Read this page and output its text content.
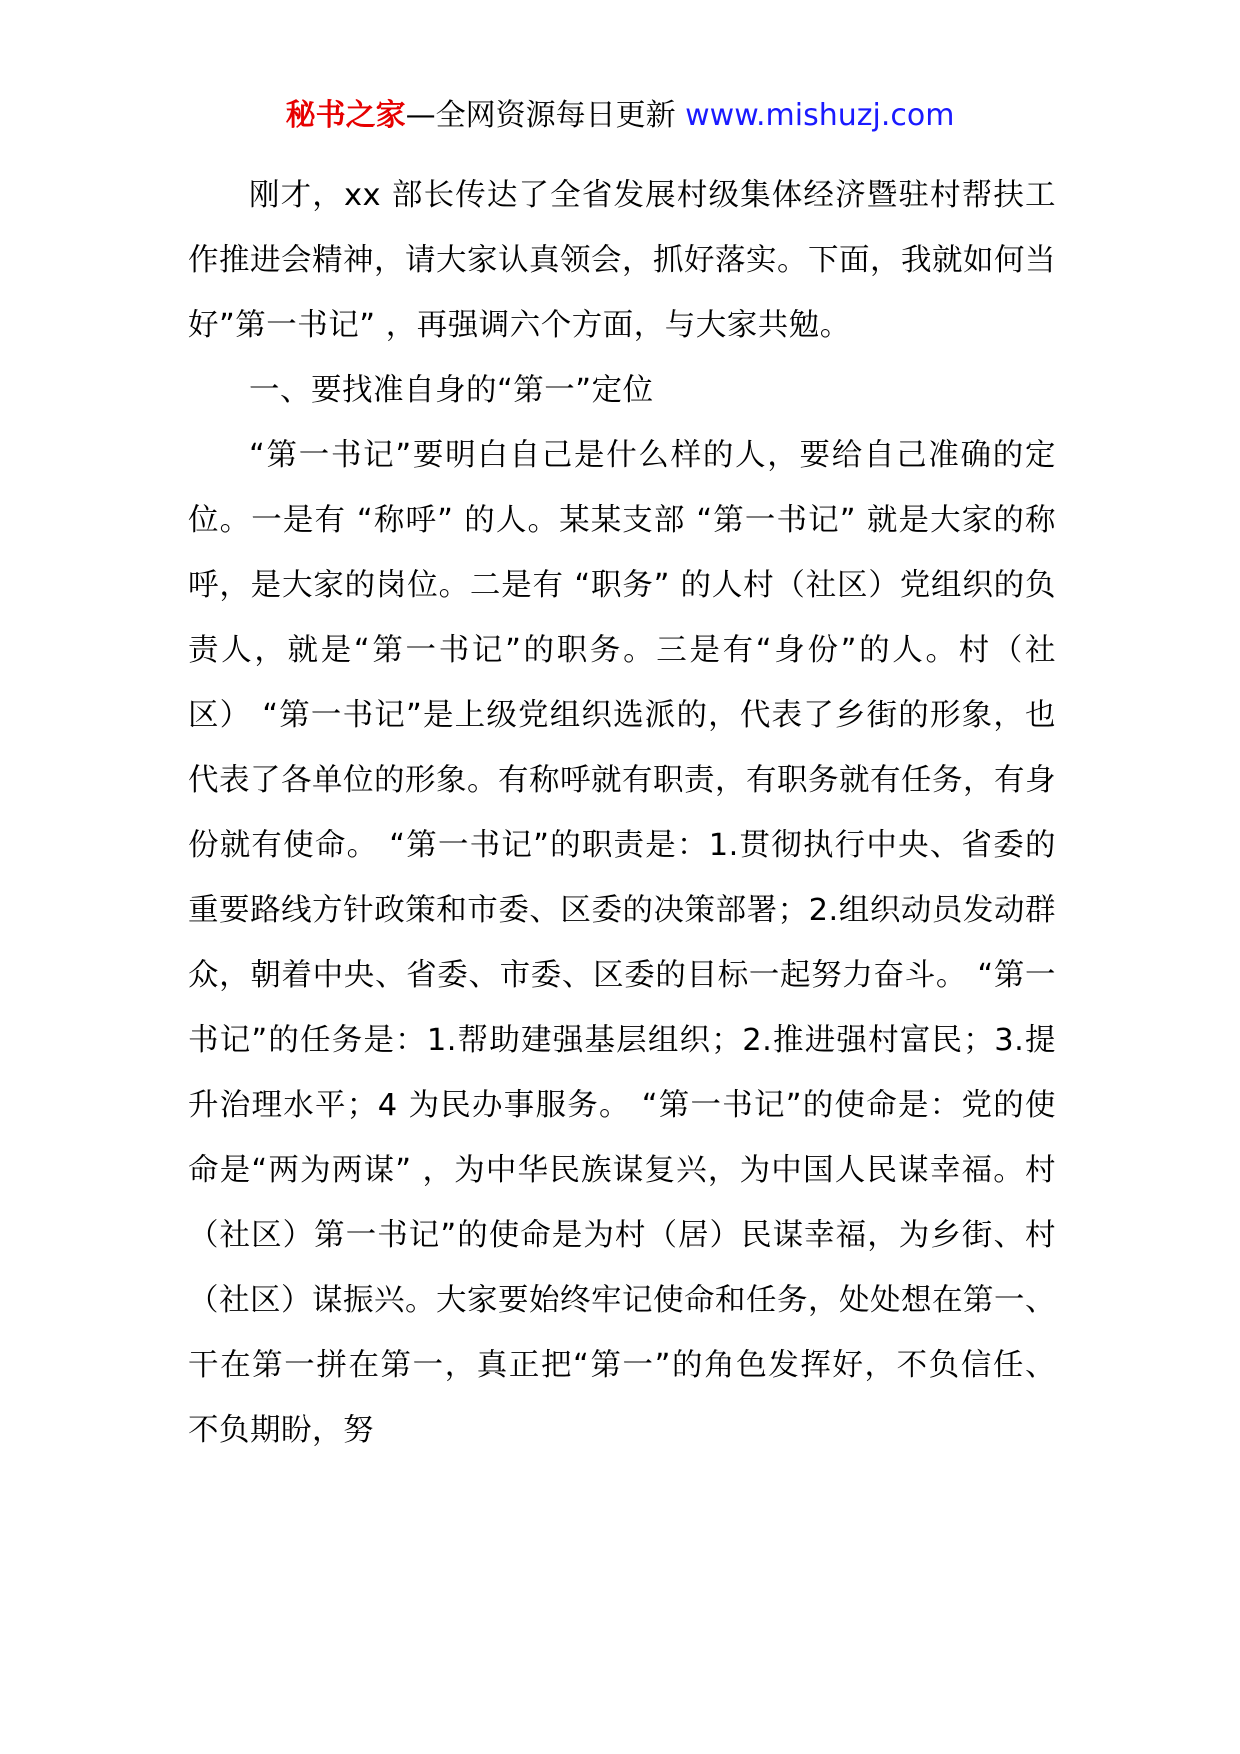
秘书之家—全网资源每日更新 www.mishuzj.com

刚才，xx 部长传达了全省发展村级集体经济暨驻村帮扶工作推进会精神，请大家认真领会，抓好落实。下面，我就如何当好”第一书记” ，再强调六个方面，与大家共勉。

一、要找准自身的“第一”定位

“第一书记”要明白自己是什么样的人，要给自己准确的定位。一是有 “称呼” 的人。某某支部 “第一书记” 就是大家的称呼，是大家的岗位。二是有 “职务” 的人村（社区）党组织的负责人，就是“第一书记”的职务。三是有“身份”的人。村（社区） “第一书记”是上级党组织选派的，代表了乡街的形象，也代表了各单位的形象。有称呼就有职责，有职务就有任务，有身份就有使命。 “第一书记”的职责是：1.贯彻执行中央、省委的重要路线方针政策和市委、区委的决策部署；2.组织动员发动群众，朝着中央、省委、市委、区委的目标一起努力奋斗。 “第一书记”的任务是：1.帮助建强基层组织；2.推进强村富民；3.提升治理水平；4 为民办事服务。 “第一书记”的使命是：党的使命是“两为两谋” ，为中华民族谋复兴，为中国人民谋幸福。村（社区）第一书记”的使命是为村（居）民谋幸福，为乡街、村（社区）谋振兴。大家要始终牢记使命和任务，处处想在第一、干在第一拼在第一，真正把“第一”的角色发挥好，不负信任、不负期盼，努
